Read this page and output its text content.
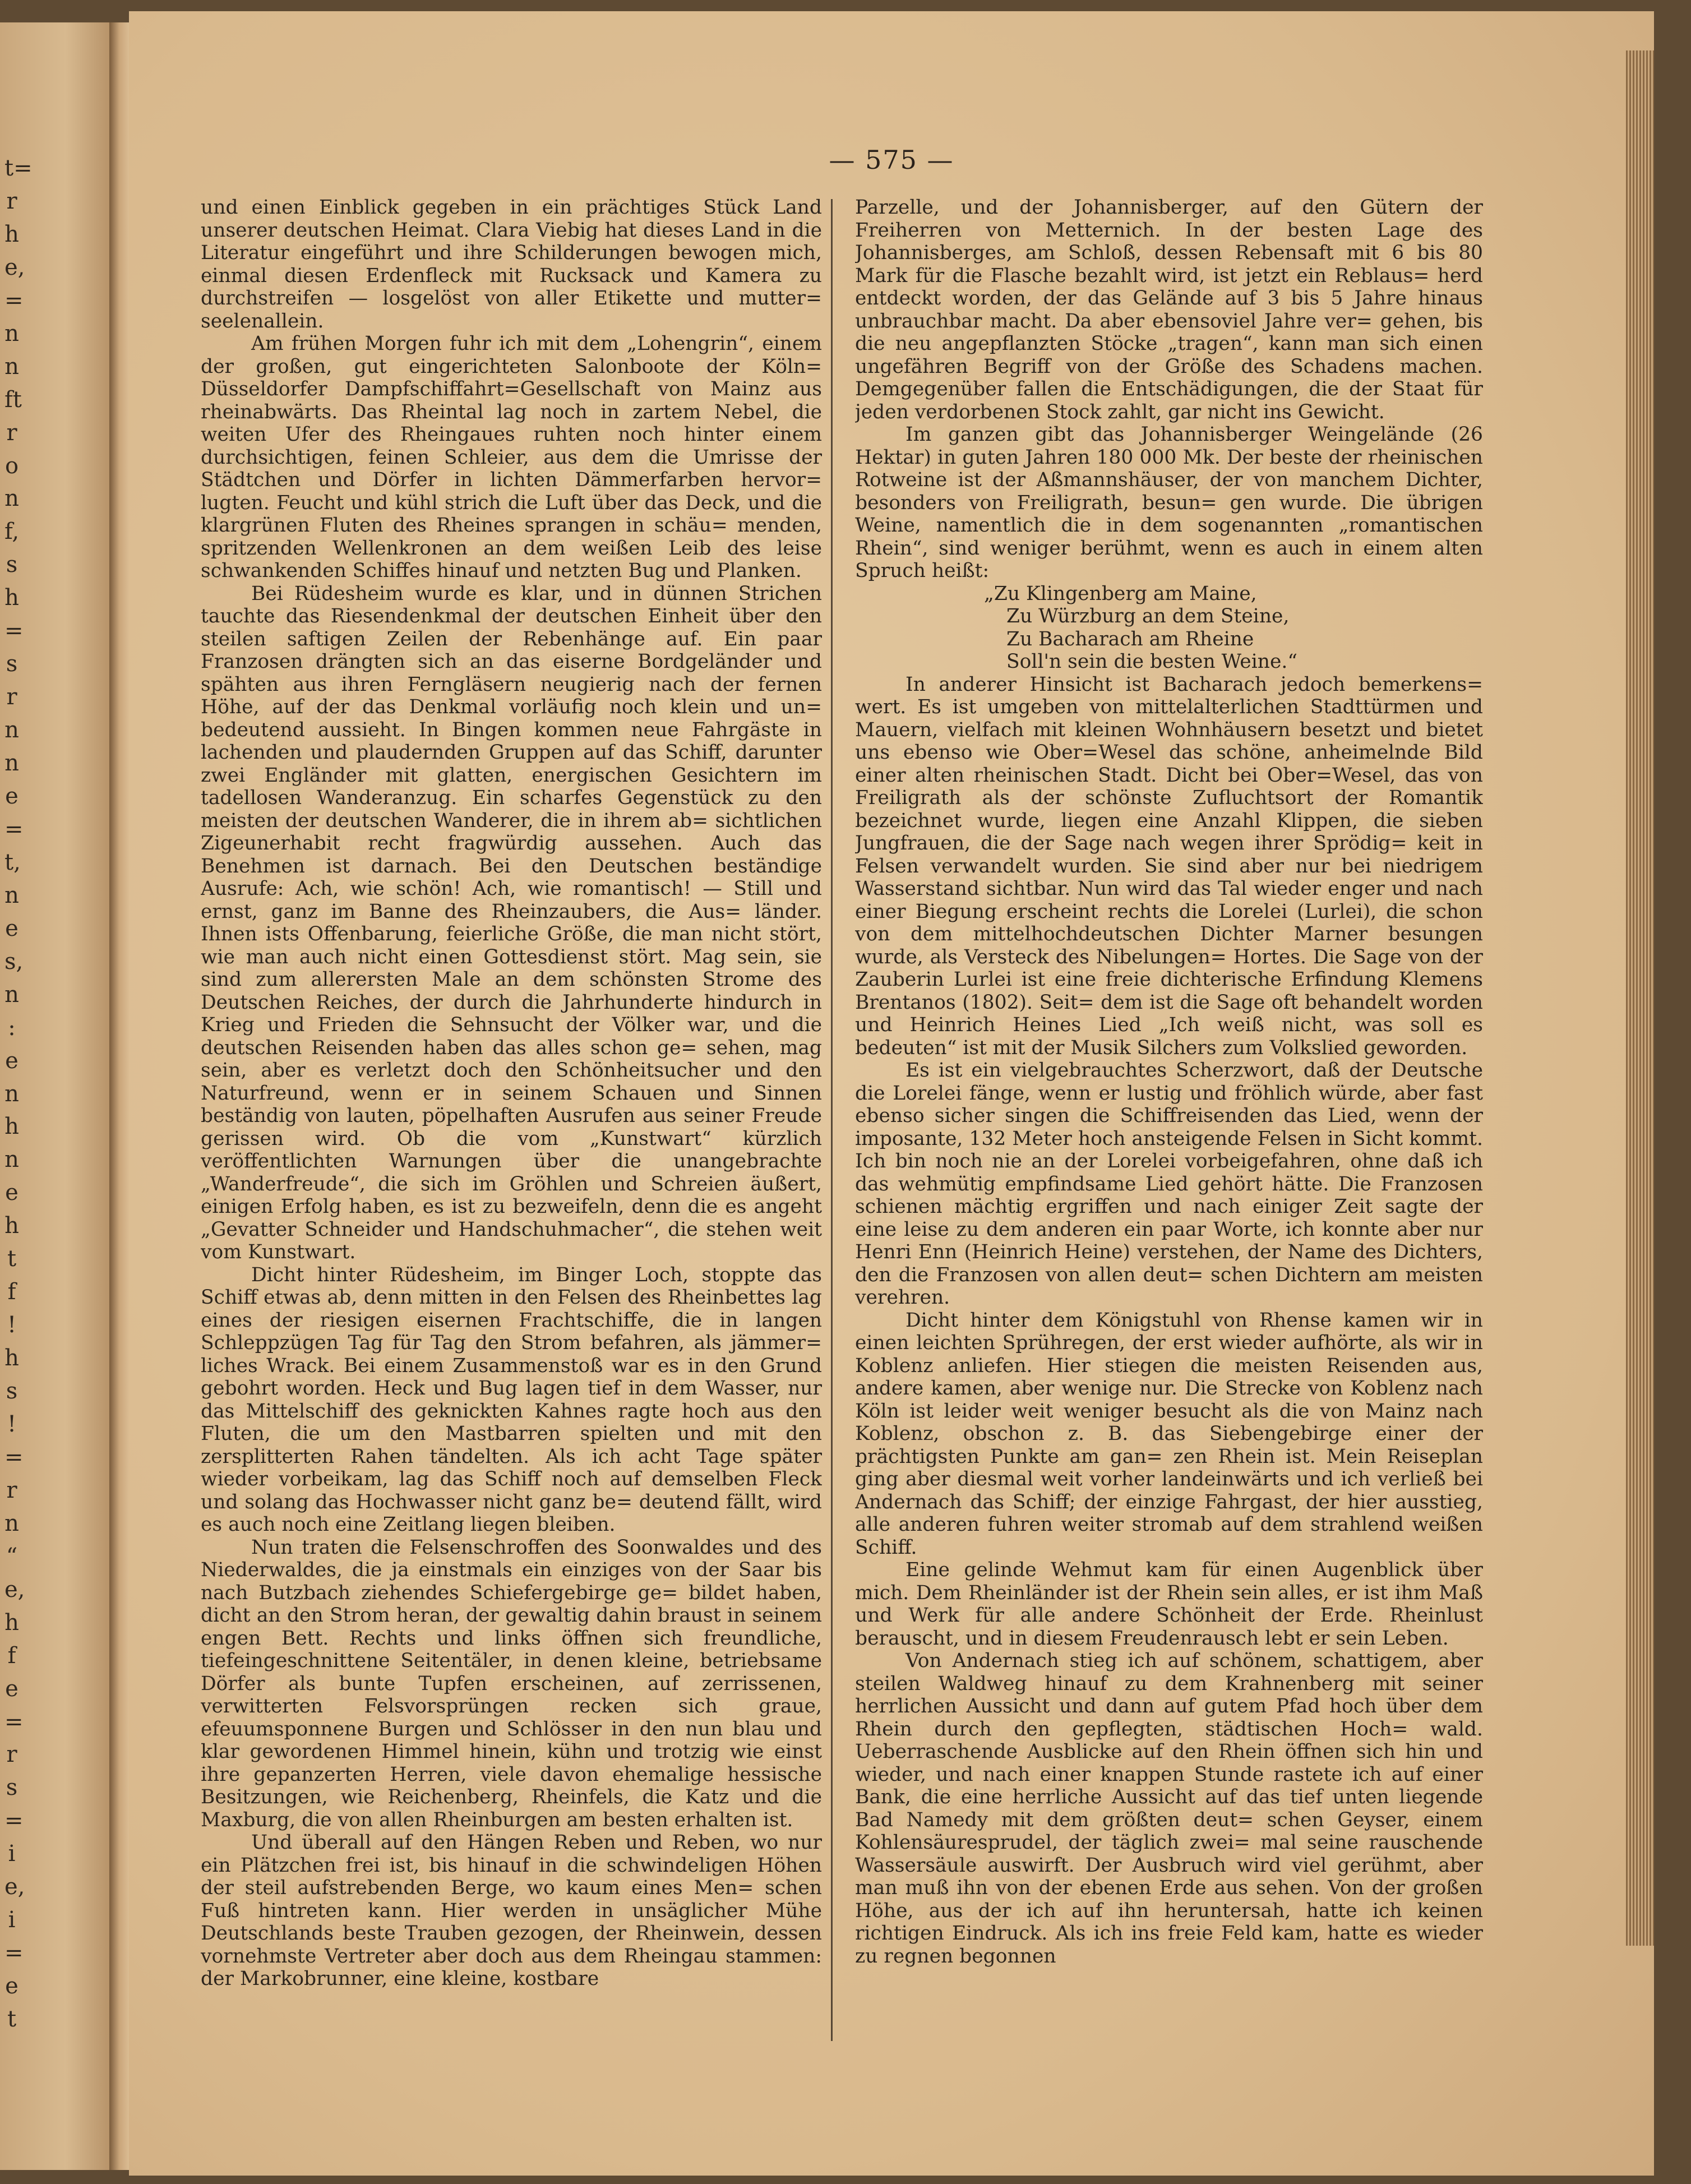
t=
r
h
e,
=
n
n
ft
r
o
n
f,
s
h
=
s
r
n
n
e
=
t,
n
e
s,
n
:
e
n
h
n
e
h
t
f
!
h
s
!
=
r
n
“
e,
h
f
e
=
r
s
=
i
e,
i
=
e
t
— 575 —

und einen Einblick gegeben in ein prächtiges Stück Land unserer deutschen Heimat. Clara Viebig hat dieses Land in die Literatur eingeführt und ihre Schilderungen bewogen mich, einmal diesen Erdenfleck mit Rucksack und Kamera zu durchstreifen — losgelöst von aller Etikette und mutter= seelenallein.

Am frühen Morgen fuhr ich mit dem „Lohengrin“, einem der großen, gut eingerichteten Salonboote der Köln= Düsseldorfer Dampfschiffahrt=Gesellschaft von Mainz aus rheinabwärts. Das Rheintal lag noch in zartem Nebel, die weiten Ufer des Rheingaues ruhten noch hinter einem durchsichtigen, feinen Schleier, aus dem die Umrisse der Städtchen und Dörfer in lichten Dämmerfarben hervor= lugten. Feucht und kühl strich die Luft über das Deck, und die klargrünen Fluten des Rheines sprangen in schäu= menden, spritzenden Wellenkronen an dem weißen Leib des leise schwankenden Schiffes hinauf und netzten Bug und Planken.

Bei Rüdesheim wurde es klar, und in dünnen Strichen tauchte das Riesendenkmal der deutschen Einheit über den steilen saftigen Zeilen der Rebenhänge auf. Ein paar Franzosen drängten sich an das eiserne Bordgeländer und spähten aus ihren Ferngläsern neugierig nach der fernen Höhe, auf der das Denkmal vorläufig noch klein und un= bedeutend aussieht. In Bingen kommen neue Fahrgäste in lachenden und plaudernden Gruppen auf das Schiff, darunter zwei Engländer mit glatten, energischen Gesichtern im tadellosen Wanderanzug. Ein scharfes Gegenstück zu den meisten der deutschen Wanderer, die in ihrem ab= sichtlichen Zigeunerhabit recht fragwürdig aussehen. Auch das Benehmen ist darnach. Bei den Deutschen beständige Ausrufe: Ach, wie schön! Ach, wie romantisch! — Still und ernst, ganz im Banne des Rheinzaubers, die Aus= länder. Ihnen ists Offenbarung, feierliche Größe, die man nicht stört, wie man auch nicht einen Gottesdienst stört. Mag sein, sie sind zum allerersten Male an dem schönsten Strome des Deutschen Reiches, der durch die Jahrhunderte hindurch in Krieg und Frieden die Sehnsucht der Völker war, und die deutschen Reisenden haben das alles schon ge= sehen, mag sein, aber es verletzt doch den Schönheitsucher und den Naturfreund, wenn er in seinem Schauen und Sinnen beständig von lauten, pöpelhaften Ausrufen aus seiner Freude gerissen wird. Ob die vom „Kunstwart“ kürzlich veröffentlichten Warnungen über die unangebrachte „Wanderfreude“, die sich im Gröhlen und Schreien äußert, einigen Erfolg haben, es ist zu bezweifeln, denn die es angeht „Gevatter Schneider und Handschuhmacher“, die stehen weit vom Kunstwart.

Dicht hinter Rüdesheim, im Binger Loch, stoppte das Schiff etwas ab, denn mitten in den Felsen des Rheinbettes lag eines der riesigen eisernen Frachtschiffe, die in langen Schleppzügen Tag für Tag den Strom befahren, als jämmer= liches Wrack. Bei einem Zusammenstoß war es in den Grund gebohrt worden. Heck und Bug lagen tief in dem Wasser, nur das Mittelschiff des geknickten Kahnes ragte hoch aus den Fluten, die um den Mastbarren spielten und mit den zersplitterten Rahen tändelten. Als ich acht Tage später wieder vorbeikam, lag das Schiff noch auf demselben Fleck und solang das Hochwasser nicht ganz be= deutend fällt, wird es auch noch eine Zeitlang liegen bleiben.

Nun traten die Felsenschroffen des Soonwaldes und des Niederwaldes, die ja einstmals ein einziges von der Saar bis nach Butzbach ziehendes Schiefergebirge ge= bildet haben, dicht an den Strom heran, der gewaltig dahin braust in seinem engen Bett. Rechts und links öffnen sich freundliche, tiefeingeschnittene Seitentäler, in denen kleine, betriebsame Dörfer als bunte Tupfen erscheinen, auf zerrissenen, verwitterten Felsvorsprüngen recken sich graue, efeuumsponnene Burgen und Schlösser in den nun blau und klar gewordenen Himmel hinein, kühn und trotzig wie einst ihre gepanzerten Herren, viele davon ehemalige hessische Besitzungen, wie Reichenberg, Rheinfels, die Katz und die Maxburg, die von allen Rheinburgen am besten erhalten ist.

Und überall auf den Hängen Reben und Reben, wo nur ein Plätzchen frei ist, bis hinauf in die schwindeligen Höhen der steil aufstrebenden Berge, wo kaum eines Men= schen Fuß hintreten kann. Hier werden in unsäglicher Mühe Deutschlands beste Trauben gezogen, der Rheinwein, dessen vornehmste Vertreter aber doch aus dem Rheingau stammen: der Markobrunner, eine kleine, kostbare

Parzelle, und der Johannisberger, auf den Gütern der Freiherren von Metternich. In der besten Lage des Johannisberges, am Schloß, dessen Rebensaft mit 6 bis 80 Mark für die Flasche bezahlt wird, ist jetzt ein Reblaus= herd entdeckt worden, der das Gelände auf 3 bis 5 Jahre hinaus unbrauchbar macht. Da aber ebensoviel Jahre ver= gehen, bis die neu angepflanzten Stöcke „tragen“, kann man sich einen ungefähren Begriff von der Größe des Schadens machen. Demgegenüber fallen die Entschädigungen, die der Staat für jeden verdorbenen Stock zahlt, gar nicht ins Gewicht.

Im ganzen gibt das Johannisberger Weingelände (26 Hektar) in guten Jahren 180 000 Mk. Der beste der rheinischen Rotweine ist der Aßmannshäuser, der von manchem Dichter, besonders von Freiligrath, besun= gen wurde. Die übrigen Weine, namentlich die in dem sogenannten „romantischen Rhein“, sind weniger berühmt, wenn es auch in einem alten Spruch heißt:

„Zu Klingenberg am Maine,

Zu Würzburg an dem Steine,

Zu Bacharach am Rheine

Soll'n sein die besten Weine.“

In anderer Hinsicht ist Bacharach jedoch bemerkens= wert. Es ist umgeben von mittelalterlichen Stadttürmen und Mauern, vielfach mit kleinen Wohnhäusern besetzt und bietet uns ebenso wie Ober=Wesel das schöne, anheimelnde Bild einer alten rheinischen Stadt. Dicht bei Ober=Wesel, das von Freiligrath als der schönste Zufluchtsort der Romantik bezeichnet wurde, liegen eine Anzahl Klippen, die sieben Jungfrauen, die der Sage nach wegen ihrer Sprödig= keit in Felsen verwandelt wurden. Sie sind aber nur bei niedrigem Wasserstand sichtbar. Nun wird das Tal wieder enger und nach einer Biegung erscheint rechts die Lorelei (Lurlei), die schon von dem mittelhochdeutschen Dichter Marner besungen wurde, als Versteck des Nibelungen= Hortes. Die Sage von der Zauberin Lurlei ist eine freie dichterische Erfindung Klemens Brentanos (1802). Seit= dem ist die Sage oft behandelt worden und Heinrich Heines Lied „Ich weiß nicht, was soll es bedeuten“ ist mit der Musik Silchers zum Volkslied geworden.

Es ist ein vielgebrauchtes Scherzwort, daß der Deutsche die Lorelei fänge, wenn er lustig und fröhlich würde, aber fast ebenso sicher singen die Schiffreisenden das Lied, wenn der imposante, 132 Meter hoch ansteigende Felsen in Sicht kommt. Ich bin noch nie an der Lorelei vorbeigefahren, ohne daß ich das wehmütig empfindsame Lied gehört hätte. Die Franzosen schienen mächtig ergriffen und nach einiger Zeit sagte der eine leise zu dem anderen ein paar Worte, ich konnte aber nur Henri Enn (Heinrich Heine) verstehen, der Name des Dichters, den die Franzosen von allen deut= schen Dichtern am meisten verehren.

Dicht hinter dem Königstuhl von Rhense kamen wir in einen leichten Sprühregen, der erst wieder aufhörte, als wir in Koblenz anliefen. Hier stiegen die meisten Reisenden aus, andere kamen, aber wenige nur. Die Strecke von Koblenz nach Köln ist leider weit weniger besucht als die von Mainz nach Koblenz, obschon z. B. das Siebengebirge einer der prächtigsten Punkte am gan= zen Rhein ist. Mein Reiseplan ging aber diesmal weit vorher landeinwärts und ich verließ bei Andernach das Schiff; der einzige Fahrgast, der hier ausstieg, alle anderen fuhren weiter stromab auf dem strahlend weißen Schiff.

Eine gelinde Wehmut kam für einen Augenblick über mich. Dem Rheinländer ist der Rhein sein alles, er ist ihm Maß und Werk für alle andere Schönheit der Erde. Rheinlust berauscht, und in diesem Freudenrausch lebt er sein Leben.

Von Andernach stieg ich auf schönem, schattigem, aber steilen Waldweg hinauf zu dem Krahnenberg mit seiner herrlichen Aussicht und dann auf gutem Pfad hoch über dem Rhein durch den gepflegten, städtischen Hoch= wald. Ueberraschende Ausblicke auf den Rhein öffnen sich hin und wieder, und nach einer knappen Stunde rastete ich auf einer Bank, die eine herrliche Aussicht auf das tief unten liegende Bad Namedy mit dem größten deut= schen Geyser, einem Kohlensäuresprudel, der täglich zwei= mal seine rauschende Wassersäule auswirft. Der Ausbruch wird viel gerühmt, aber man muß ihn von der ebenen Erde aus sehen. Von der großen Höhe, aus der ich auf ihn heruntersah, hatte ich keinen richtigen Eindruck. Als ich ins freie Feld kam, hatte es wieder zu regnen begonnen
